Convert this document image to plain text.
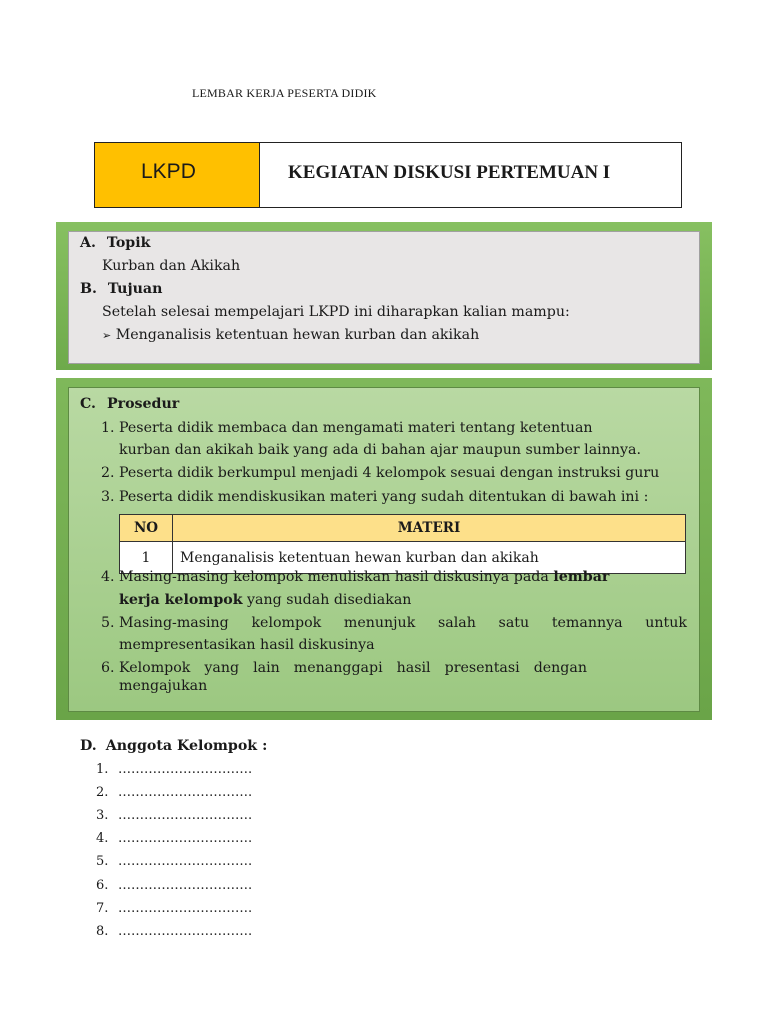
LEMBAR KERJA PESERTA DIDIK
LKPD	KEGIATAN DISKUSI PERTEMUAN I
A. Topik
Kurban dan Akikah
B. Tujuan
Setelah selesai mempelajari LKPD ini diharapkan kalian mampu:
➢ Menganalisis ketentuan hewan kurban dan akikah
C. Prosedur
1. Peserta didik membaca dan mengamati materi tentang ketentuan
kurban dan akikah baik yang ada di bahan ajar maupun sumber lainnya.
2. Peserta didik berkumpul menjadi 4 kelompok sesuai dengan instruksi guru
3. Peserta didik mendiskusikan materi yang sudah ditentukan di bawah ini :
NO	MATERI
1	Menganalisis ketentuan hewan kurban dan akikah
4. Masing-masing kelompok menuliskan hasil diskusinya pada lembar
kerja kelompok yang sudah disediakan
5. Masing-masing kelompok menunjuk salah satu temannya untuk
mempresentasikan hasil diskusinya
6. Kelompok yang lain menanggapi hasil presentasi dengan
mengajukan
D. Anggota Kelompok :
1. ………………………….
2. ………………………….
3. ………………………….
4. ………………………….
5. ………………………….
6. ………………………….
7. ………………………….
8. ………………………….
